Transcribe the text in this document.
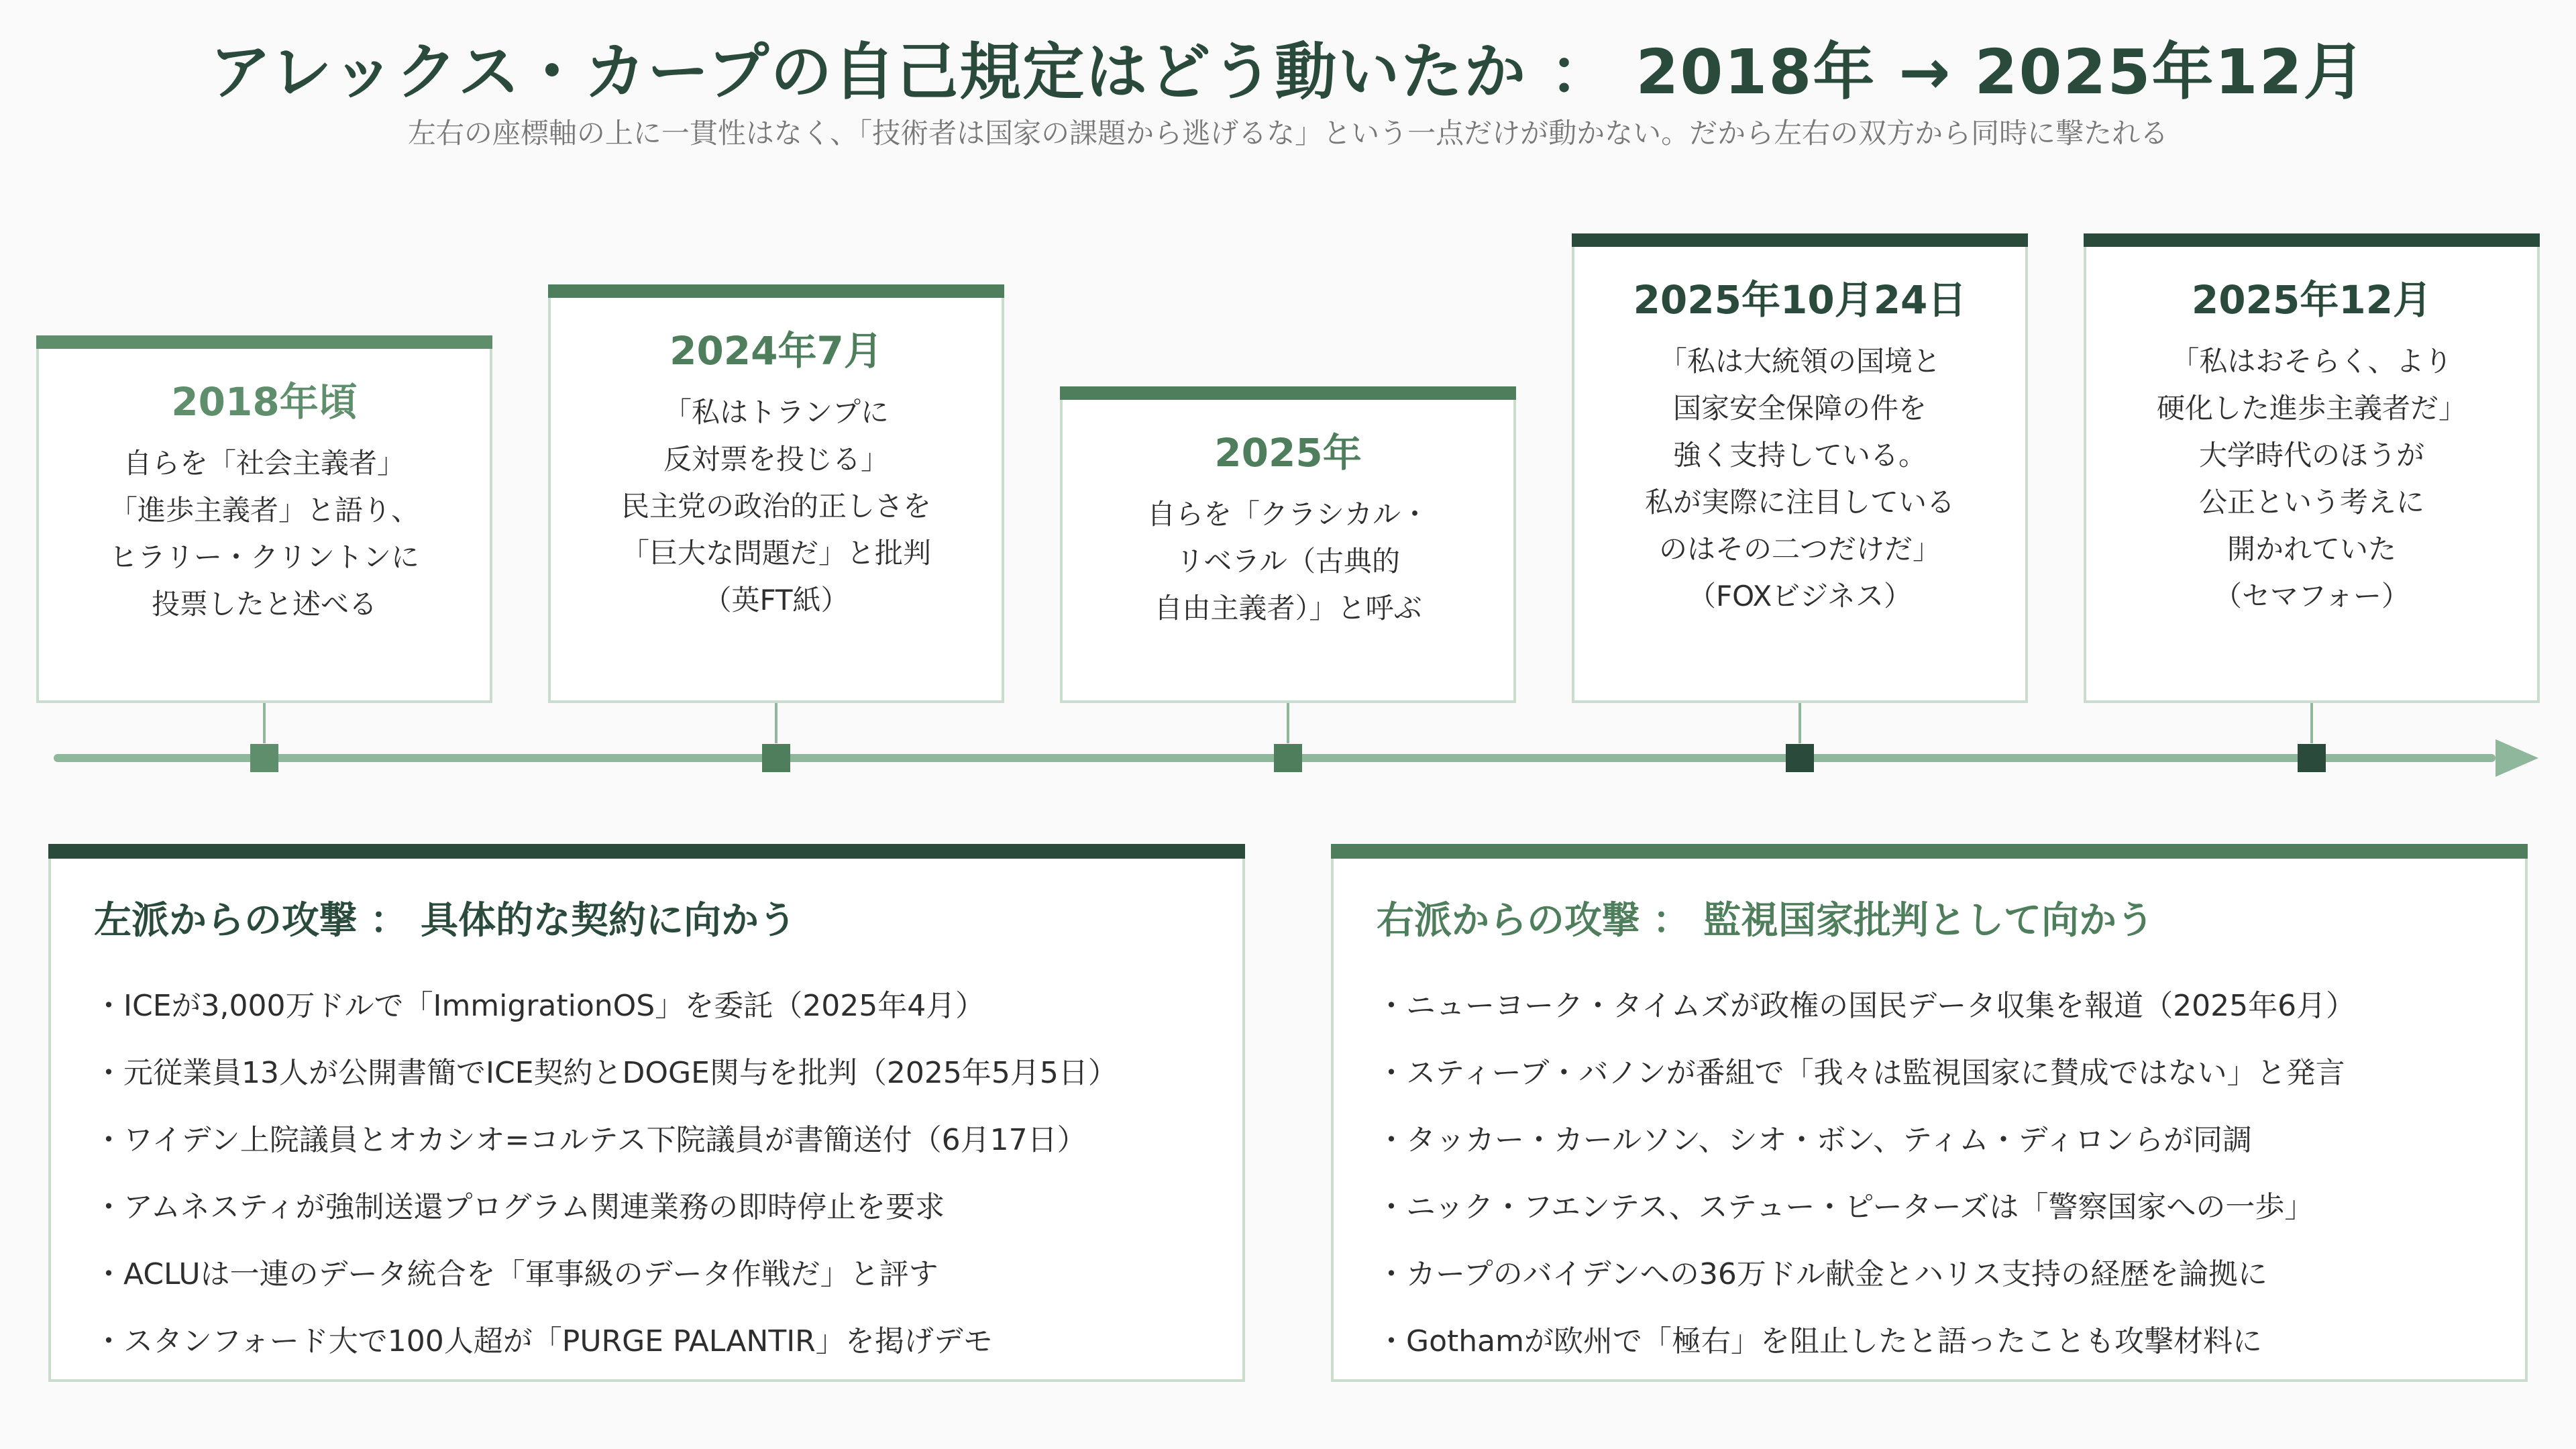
アレックス・カープの自己規定はどう動いたか ： 2018年 → 2025年12月
左右の座標軸の上に一貫性はなく、「技術者は国家の課題から逃げるな」という一点だけが動かない。だから左右の双方から同時に撃たれる
2018年頃
自らを「社会主義者」
「進歩主義者」と語り、
ヒラリー・クリントンに
投票したと述べる
2024年7月
「私はトランプに
反対票を投じる」
民主党の政治的正しさを
「巨大な問題だ」と批判
（英FT紙）
2025年
自らを「クラシカル・
リベラル（古典的
自由主義者）」と呼ぶ
2025年10月24日
「私は大統領の国境と
国家安全保障の件を
強く支持している。
私が実際に注目している
のはその二つだけだ」
（FOXビジネス）
2025年12月
「私はおそらく、より
硬化した進歩主義者だ」
大学時代のほうが
公正という考えに
開かれていた
（セマフォー）
左派からの攻撃 ： 具体的な契約に向かう
・ICEが3,000万ドルで「ImmigrationOS」を委託（2025年4月）
・元従業員13人が公開書簡でICE契約とDOGE関与を批判（2025年5月5日）
・ワイデン上院議員とオカシオ=コルテス下院議員が書簡送付（6月17日）
・アムネスティが強制送還プログラム関連業務の即時停止を要求
・ACLUは一連のデータ統合を「軍事級のデータ作戦だ」と評す
・スタンフォード大で100人超が「PURGE PALANTIR」を掲げデモ
右派からの攻撃 ： 監視国家批判として向かう
・ニューヨーク・タイムズが政権の国民データ収集を報道（2025年6月）
・スティーブ・バノンが番組で「我々は監視国家に賛成ではない」と発言
・タッカー・カールソン、シオ・ボン、ティム・ディロンらが同調
・ニック・フエンテス、ステュー・ピーターズは「警察国家への一歩」
・カープのバイデンへの36万ドル献金とハリス支持の経歴を論拠に
・Gothamが欧州で「極右」を阻止したと語ったことも攻撃材料に
